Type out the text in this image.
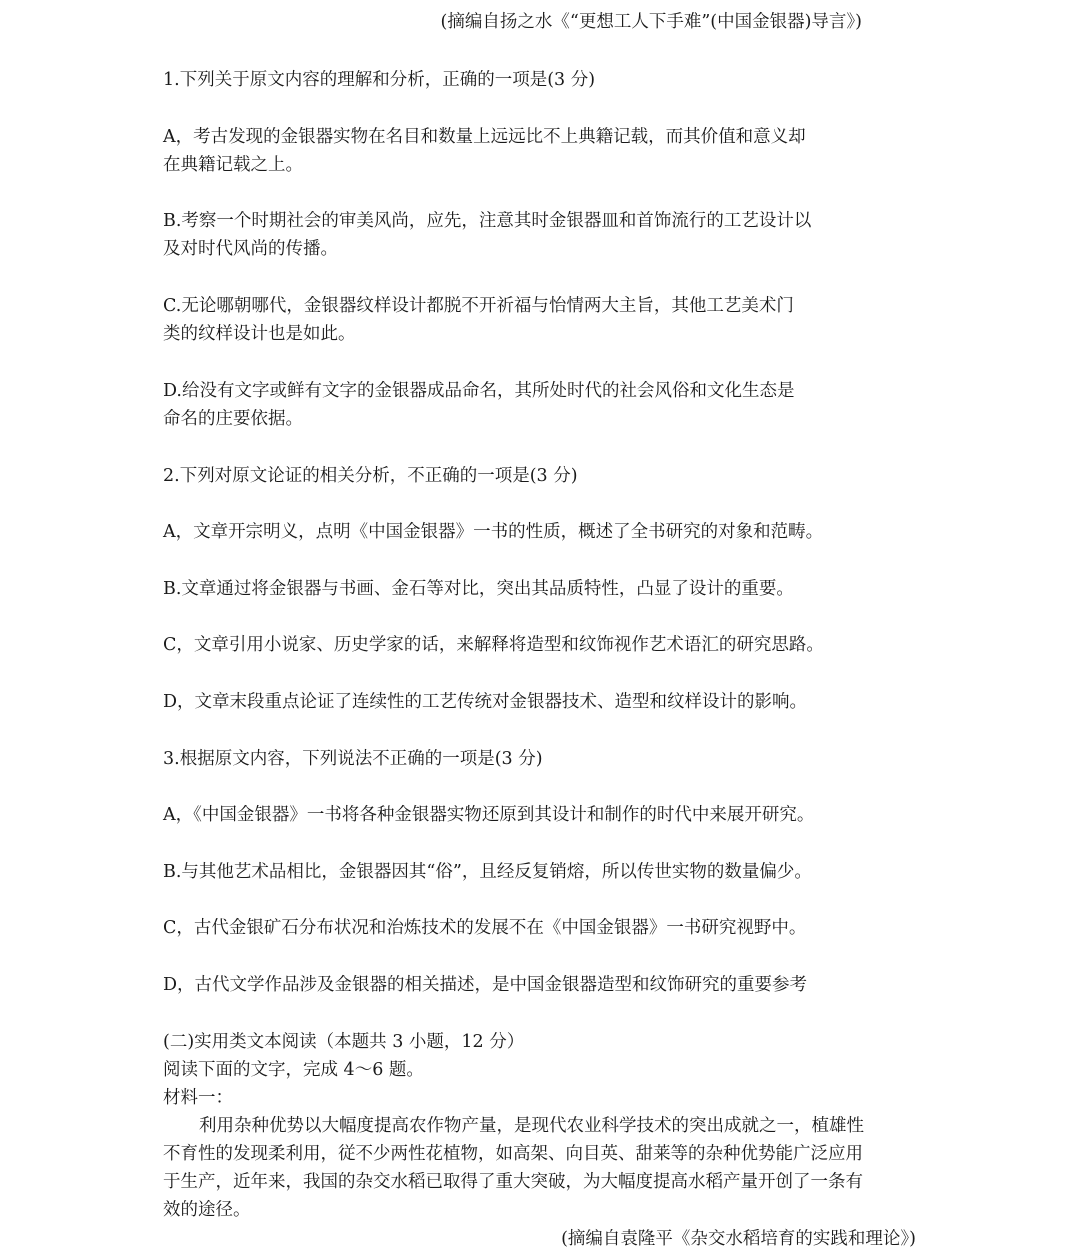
(摘编自扬之水《“更想工人下手难”(中国金银器)导言》)
1.下列关于原文内容的理解和分析，正确的一项是(3 分)
A，考古发现的金银器实物在名目和数量上远远比不上典籍记载，而其价值和意义却
在典籍记载之上。
B.考察一个时期社会的审美风尚，应先，注意其时金银器皿和首饰流行的工艺设计以
及对时代风尚的传播。
C.无论哪朝哪代，金银器纹样设计都脱不开祈福与怡情两大主旨，其他工艺美术门
类的纹样设计也是如此。
D.给没有文字或鲜有文字的金银器成品命名，其所处时代的社会风俗和文化生态是
命名的庄要依据。
2.下列对原文论证的相关分析，不正确的一项是(3 分)
A，文章开宗明义，点明《中国金银器》一书的性质，概述了全书研究的对象和范畴。
B.文章通过将金银器与书画、金石等对比，突出其品质特性，凸显了设计的重要。
C，文章引用小说家、历史学家的话，来解释将造型和纹饰视作艺术语汇的研究思路。
D，文章末段重点论证了连续性的工艺传统对金银器技术、造型和纹样设计的影响。
3.根据原文内容，下列说法不正确的一项是(3 分)
A，《中国金银器》一书将各种金银器实物还原到其设计和制作的时代中来展开研究。
B.与其他艺术品相比，金银器因其“俗”，且经反复销熔，所以传世实物的数量偏少。
C，古代金银矿石分布状况和治炼技术的发展不在《中国金银器》一书研究视野中。
D，古代文学作品涉及金银器的相关描述，是中国金银器造型和纹饰研究的重要参考
(二)实用类文本阅读（本题共 3 小题，12 分）
阅读下面的文字，完成 4～6 题。
材料一：
利用杂种优势以大幅度提高农作物产量，是现代农业科学技术的突出成就之一，植雄性
不育性的发现柔利用，従不少两性花植物，如高架、向目英、甜莱等的杂种优势能广泛应用
于生产，近年来，我国的杂交水稻已取得了重大突破，为大幅度提高水稻产量开创了一条有
效的途径。
(摘编自袁隆平《杂交水稻培育的实践和理论》)
